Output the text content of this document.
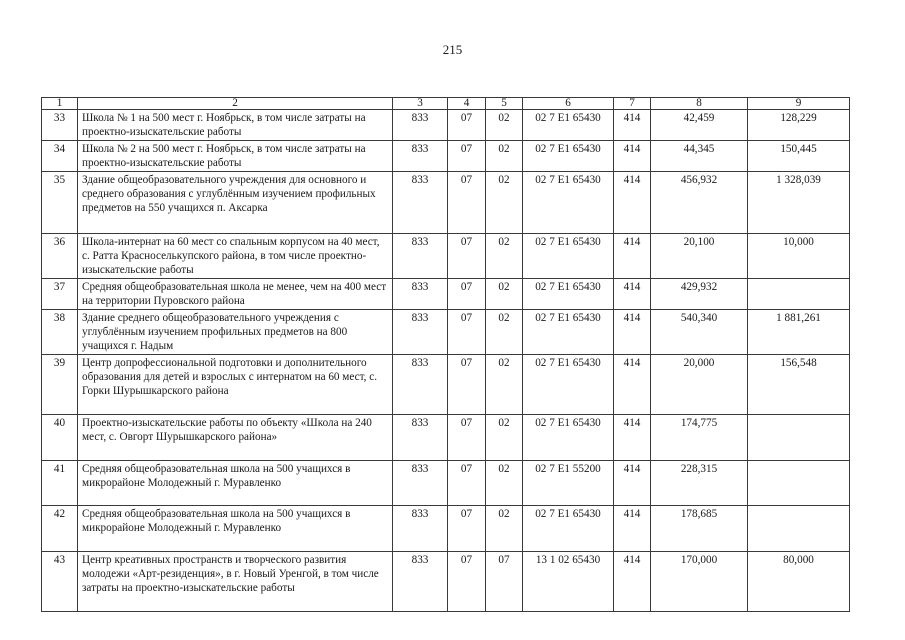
215
1	2	3	4	5	6	7	8	9
33	Школа № 1 на 500 мест г. Ноябрьск, в том числе затраты на проектно-изыскательские работы	833	07	02	02 7 Е1 65430	414	42,459	128,229
34	Школа № 2 на 500 мест г. Ноябрьск, в том числе затраты на проектно-изыскательские работы	833	07	02	02 7 Е1 65430	414	44,345	150,445
35	Здание общеобразовательного учреждения для основного и среднего образования с углублённым изучением профильных предметов на 550 учащихся п. Аксарка	833	07	02	02 7 Е1 65430	414	456,932	1 328,039
36	Школа-интернат на 60 мест со спальным корпусом на 40 мест, с. Ратта Красноселькупского района, в том числе проектно-изыскательские работы	833	07	02	02 7 Е1 65430	414	20,100	10,000
37	Средняя общеобразовательная школа не менее, чем на 400 мест на территории Пуровского района	833	07	02	02 7 Е1 65430	414	429,932	
38	Здание среднего общеобразовательного учреждения с углублённым изучением профильных предметов на 800 учащихся г. Надым	833	07	02	02 7 Е1 65430	414	540,340	1 881,261
39	Центр допрофессиональной подготовки и дополнительного образования для детей и взрослых с интернатом на 60 мест, с. Горки Шурышкарского района	833	07	02	02 7 Е1 65430	414	20,000	156,548
40	Проектно-изыскательские работы по объекту «Школа на 240 мест, с. Овгорт Шурышкарского района»	833	07	02	02 7 Е1 65430	414	174,775	
41	Средняя общеобразовательная школа на 500 учащихся в микрорайоне Молодежный г. Муравленко	833	07	02	02 7 Е1 55200	414	228,315	
42	Средняя общеобразовательная школа на 500 учащихся в микрорайоне Молодежный г. Муравленко	833	07	02	02 7 Е1 65430	414	178,685	
43	Центр креативных пространств и творческого развития молодежи «Арт-резиденция», в г. Новый Уренгой, в том числе затраты на проектно-изыскательские работы	833	07	07	13 1 02 65430	414	170,000	80,000
